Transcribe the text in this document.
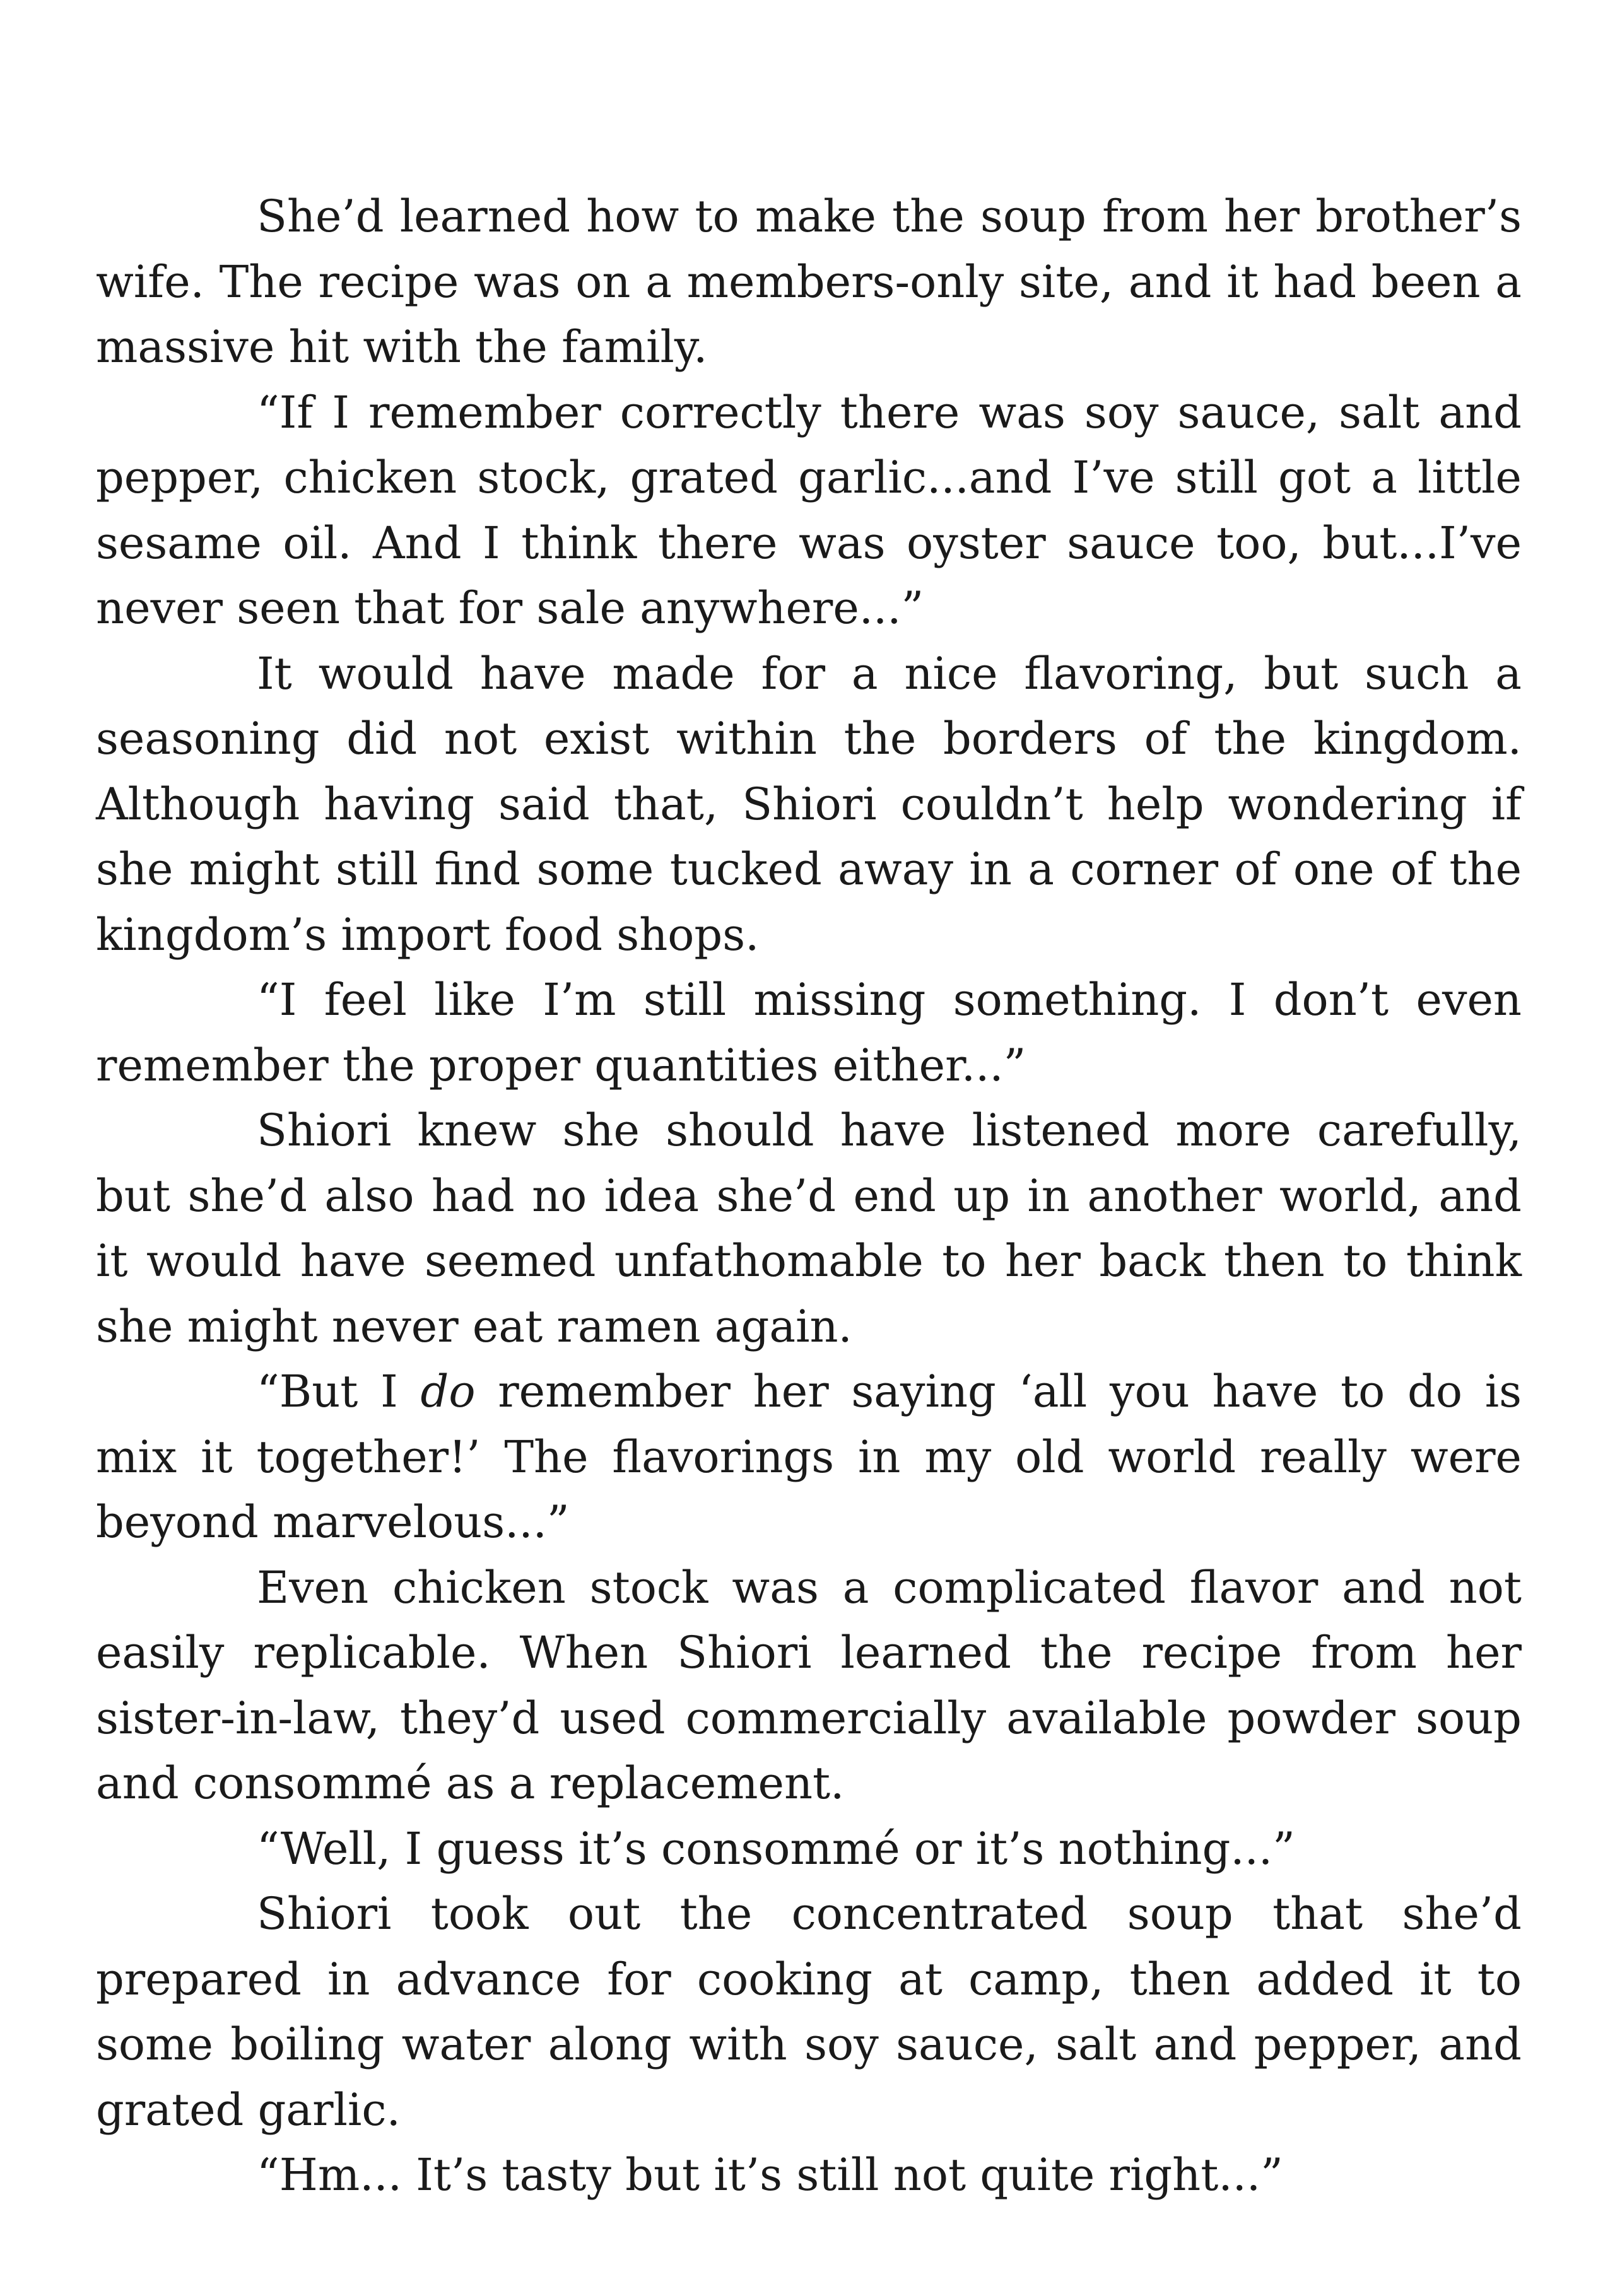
She’d learned how to make the soup from her brother’s wife. The recipe was on a members-only site, and it had been a massive hit with the family.

“If I remember correctly there was soy sauce, salt and pepper, chicken stock, grated garlic...and I’ve still got a little sesame oil. And I think there was oyster sauce too, but...I’ve never seen that for sale anywhere...”

It would have made for a nice flavoring, but such a seasoning did not exist within the borders of the kingdom. Although having said that, Shiori couldn’t help wondering if she might still find some tucked away in a corner of one of the kingdom’s import food shops.

“I feel like I’m still missing something. I don’t even remember the proper quantities either...”

Shiori knew she should have listened more carefully, but she’d also had no idea she’d end up in another world, and it would have seemed unfathomable to her back then to think she might never eat ramen again.

“But I do remember her saying ‘all you have to do is mix it together!’ The flavorings in my old world really were beyond marvelous...”

Even chicken stock was a complicated flavor and not easily replicable. When Shiori learned the recipe from her sister-in-law, they’d used commercially available powder soup and consommé as a replacement.

“Well, I guess it’s consommé or it’s nothing...”

Shiori took out the concentrated soup that she’d prepared in advance for cooking at camp, then added it to some boiling water along with soy sauce, salt and pepper, and grated garlic.

“Hm... It’s tasty but it’s still not quite right...”
